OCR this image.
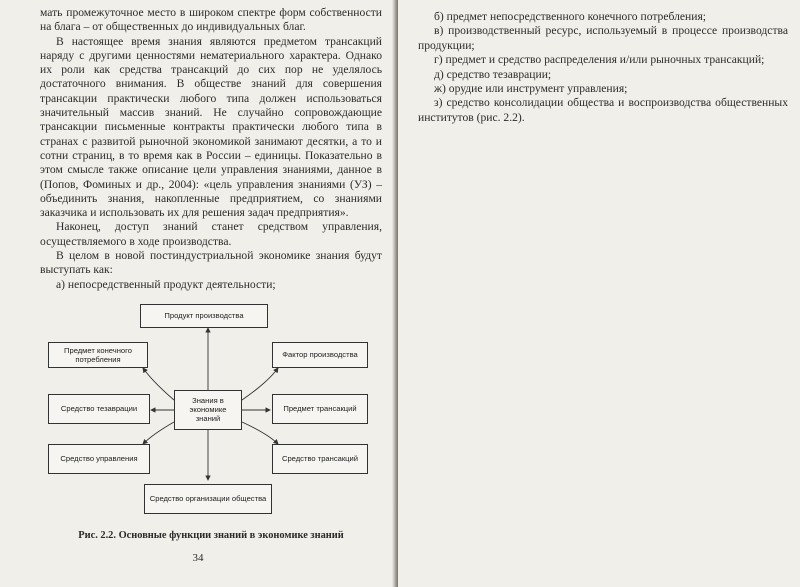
мать промежуточное место в широком спектре форм собственности на блага – от общественных до индивидуальных благ.

В настоящее время знания являются предметом трансакций наряду с другими ценностями нематериального характера. Однако их роли как средства трансакций до сих пор не уделялось достаточного внимания. В обществе знаний для совершения трансакции практически любого типа должен использоваться значительный массив знаний. Не случайно сопровождающие трансакции письменные контракты практически любого типа в странах с развитой рыночной экономикой занимают десятки, а то и сотни страниц, в то время как в России – единицы. Показательно в этом смысле также описание цели управления знаниями, данное в (Попов, Фоминых и др., 2004): «цель управления знаниями (УЗ) – объединить знания, накопленные предприятием, со знаниями заказчика и использовать их для решения задач предприятия».

Наконец, доступ знаний станет средством управления, осуществляемого в ходе производства.

В целом в новой постиндустриальной экономике знания будут выступать как:

а) непосредственный продукт деятельности;

Продукт производства
Предмет конечного потребления	Фактор производства
Средство тезаврации
Знания в экономике знаний
Предмет трансакций
Средство управления	Средство трансакций
Средство организации общества

Рис. 2.2. Основные функции знаний в экономике знаний

34

б) предмет непосредственного конечного потребления;

в) производственный ресурс, используемый в процессе производства продукции;

г) предмет и средство распределения и/или рыночных трансакций;

д) средство тезаврации;

ж) орудие или инструмент управления;

з) средство консолидации общества и воспроизводства общественных институтов (рис. 2.2).
